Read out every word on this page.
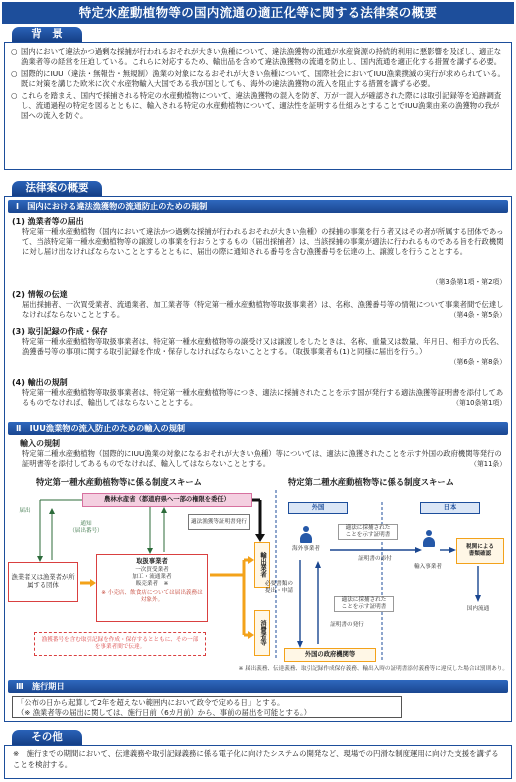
特定水産動植物等の国内流通の適正化等に関する法律案の概要
背　景

○ 国内において違法かつ過剰な採捕が行われるおそれが大きい魚種について、違法漁獲物の流通が水産資源の持続的利用に悪影響を及ぼし、適正な漁業者等の経営を圧迫している。これらに対応するため、輸出品を含めて違法漁獲物の流通を防止し、国内流通を適正化する措置を講ずる必要。

○ 国際的にIUU（違法・無報告・無規制）漁業の対象になるおそれが大きい魚種について、国際社会においてIUU漁業撲滅の実行が求められている。既に対策を講じた欧米に次ぐ水産物輸入大国である我が国としても、海外の違法漁獲物の流入を阻止する措置を講ずる必要。

○ これらを踏まえ、国内で採捕される特定の水産動植物について、違法漁獲物の混入を防ぎ、万が一混入が確認された際には取引記録等を追跡調査し、流通過程の特定を図るとともに、輸入される特定の水産動植物について、適法性を証明する仕組みとすることでIUU漁業由来の漁獲物の我が国への流入を防ぐ。

法律案の概要
Ⅰ　国内における違法漁獲物の流通防止のための規制
(1) 漁業者等の届出
特定第一種水産動植物（国内において違法かつ過剰な採捕が行われるおそれが大きい魚種）の採捕の事業を行う者又はその者が所属する団体であって、当該特定第一種水産動植物等の譲渡しの事業を行おうとするもの（届出採捕者）は、当該採捕の事業が適法に行われるものである旨を行政機関に対し届け出なければならないこととするとともに、届出の際に通知される番号を含む漁獲番号を伝達の上、譲渡しを行うこととする。
（第3条第1項・第2項）
(2) 情報の伝達
届出採捕者、一次買受業者、流通業者、加工業者等（特定第一種水産動植物等取扱事業者）は、名称、漁獲番号等の情報について事業者間で伝達しなければならないこととする。	（第4条・第5条）
(3) 取引記録の作成・保存
特定第一種水産動植物等取扱事業者は、特定第一種水産動植物等の譲受け又は譲渡しをしたときは、名称、重量又は数量、年月日、相手方の氏名、漁獲番号等の事項に関する取引記録を作成・保存しなければならないこととする。（取扱事業者も(1)と同様に届出を行う。）
（第6条・第8条）
(4) 輸出の規制
特定第一種水産動植物等取扱事業者は、特定第一種水産動植物等につき、適法に採捕されたことを示す国が発行する適法漁獲等証明書を添付してあるものでなければ、輸出してはならないこととする。	（第10条第1項）
Ⅱ　IUU漁業物の流入防止のための輸入の規制
輸入の規制
特定第二種水産動植物（国際的にIUU漁業の対象になるおそれが大きい魚種）等については、適法に漁獲されたことを示す外国の政府機関等発行の証明書等を添付してあるものでなければ、輸入してはならないこととする。	（第11条）
特定第一種水産動植物等に係る制度スキーム	特定第二種水産動植物等に係る制度スキーム
農林水産省（都道府県へ一部の権限を委任）
届出
通知
（届出番号）
漁業者又は漁業者が所属する団体
取扱事業者
一次買受業者
加工・流通業者
販売業者　※
※ 小売店、飲食店については届出義務は対象外。
適法漁獲等証明書発行
輸出業者
消費者等
漁獲番号を含む取引記録を作成・保存するとともに、その一部を事業者間で伝達。
外国	日本
海外事業者
適法に採捕された
ことを示す証明書
証明書の添付
輸入事業者
税関による
書類確認
国内流通
必要書類の
提出・申請
適法に採捕された
ことを示す証明書
証明書の発行
外国の政府機関等
※ 届出義務、伝達義務、取引記録作成保存義務、輸出入時の証明書添付義務等に違反した場合は罰則あり。
Ⅲ　施行期日
「公布の日から起算して2年を超えない範囲内において政令で定める日」とする。
（※ 漁業者等の届出に関しては、施行日前（6カ月前）から、事前の届出を可能とする。）
その他
※　施行までの期間において、伝達義務や取引記録義務に係る電子化に向けたシステムの開発など、現場での円滑な制度運用に向けた支援を講ずることを検討する。
